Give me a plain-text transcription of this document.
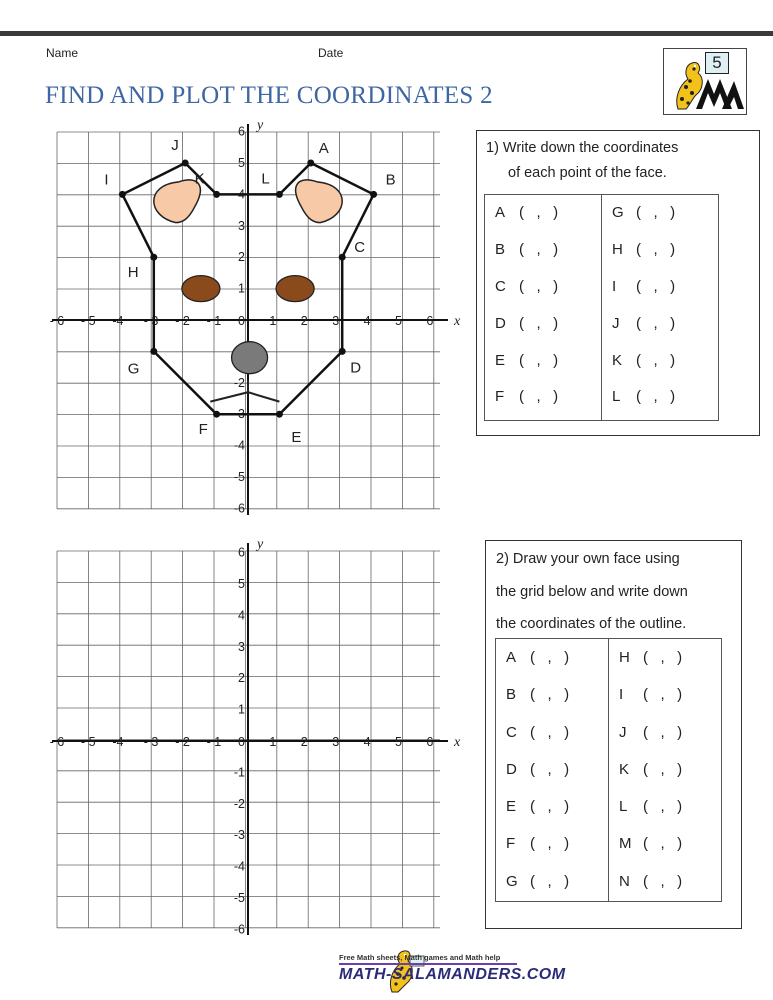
Name	Date
FIND AND PLOT THE COORDINATES 2
5
x
y
- 6 - 5 -4 - 3 - 2 - 1 0 1 2 3 4 5 6
6
5
4
3
2
1
-2
-3
-4
-5
-6
A
B
C
D
E
F
G
H
I
J
K	L
x
y
- 6 - 5 -4 - 3 - 2 - 1 0 1 2 3 4 5 6
6
5
4
3
2
1
-1
-2
-3
-4
-5
-6
1) Write down the coordinates
of each point of the face.
A (   ,   )
B (   ,   )
C (   ,   )
D (   ,   )
E (   ,   )
F (   ,   )

G (   ,   )
H (   ,   )
I	(   ,   )
J	(   ,   )
K (   ,   )
L	(   ,   )
2) Draw your own face using
the grid below and write down
the coordinates of the outline.
A (   ,   )
B (   ,   )
C (   ,   )
D (   ,   )
E (   ,   )
F (   ,   )
G (   ,   )

H (   ,   )
I	(   ,   )
J	(   ,   )
K (   ,   )
L	(   ,   )
M (   ,   )
N (   ,   )
Free Math sheets, Math games and Math help
MATH-SALAMANDERS.COM
